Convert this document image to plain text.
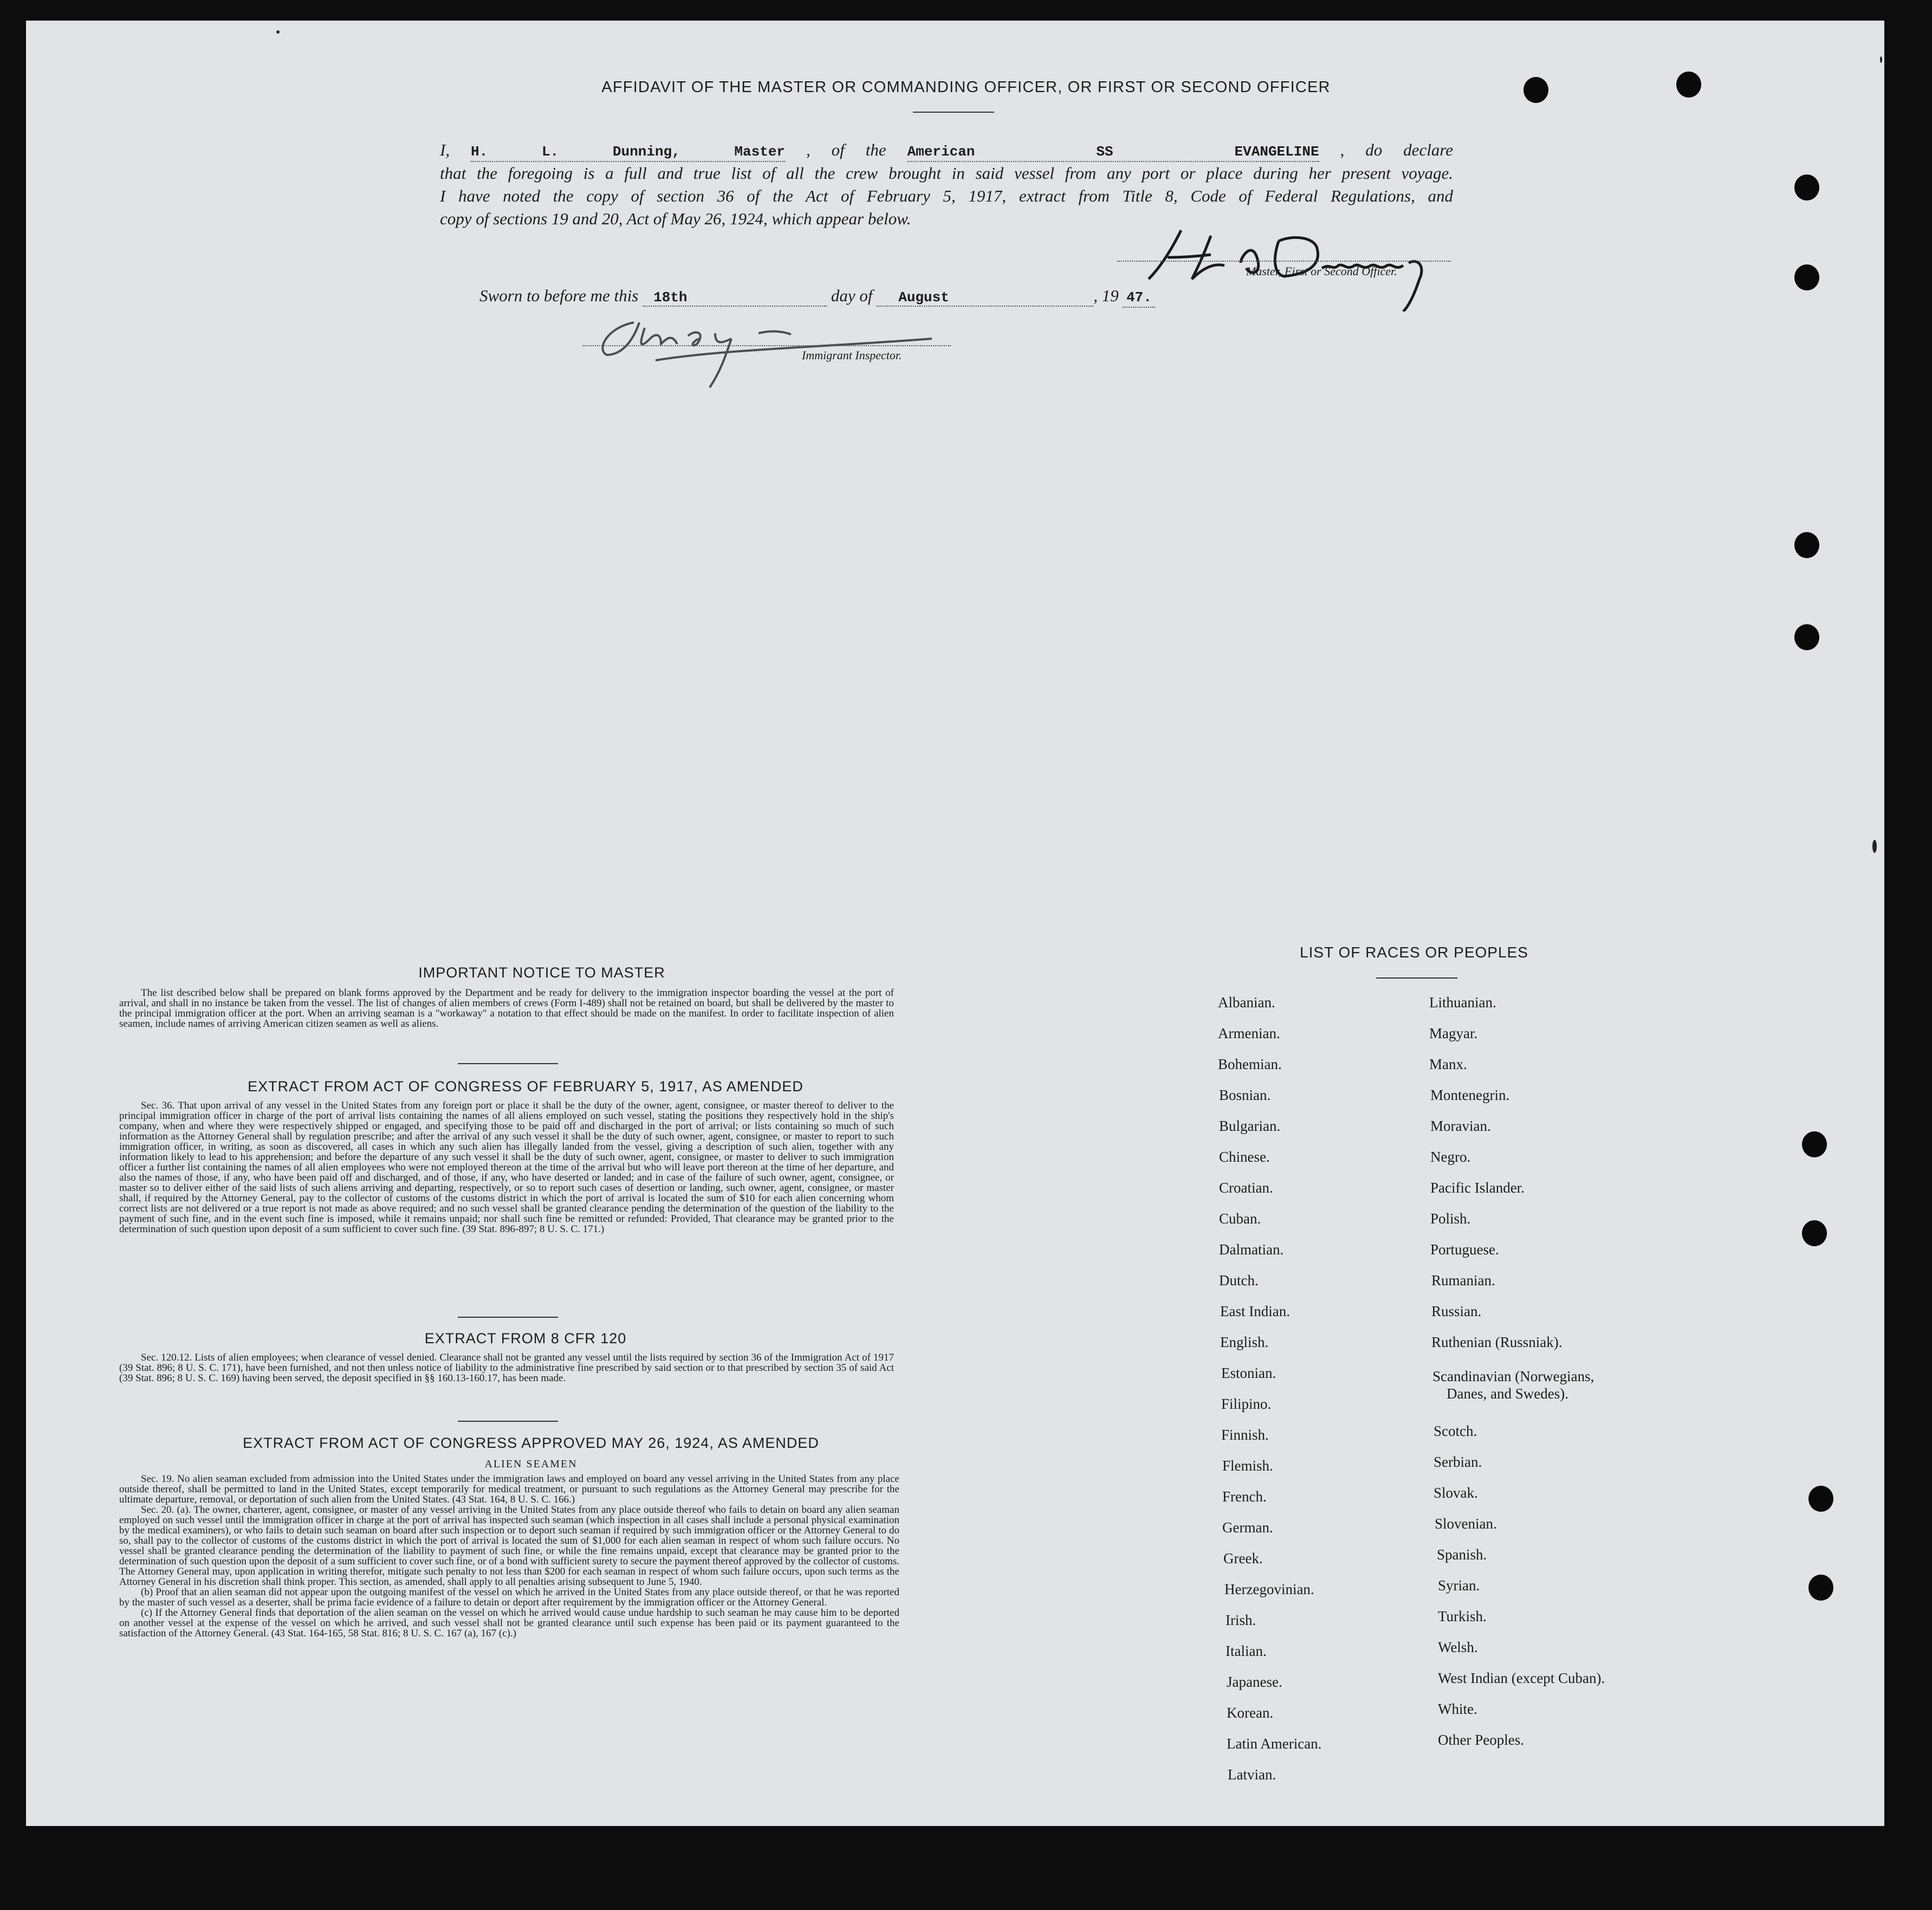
AFFIDAVIT OF THE MASTER OR COMMANDING OFFICER, OR FIRST OR SECOND OFFICER

I, H. L. Dunning, Master , of the American SS EVANGELINE , do declare

that the foregoing is a full and true list of all the crew brought in said vessel from any port or place during her present voyage.

I have noted the copy of section 36 of the Act of February 5, 1917, extract from Title 8, Code of Federal Regulations, and

copy of sections 19 and 20, Act of May 26, 1924, which appear below.

Master, First or Second Officer.
Sworn to before me this 18th	day of August	, 19 47.
Immigrant Inspector.

IMPORTANT NOTICE TO MASTER

The list described below shall be prepared on blank forms approved by the Department and be ready for delivery to the immigration inspector boarding the vessel at the port of arrival, and shall in no instance be taken from the vessel. The list of changes of alien members of crews (Form I-489) shall not be retained on board, but shall be delivered by the master to the principal immigration officer at the port. When an arriving seaman is a "workaway" a notation to that effect should be made on the manifest. In order to facilitate inspection of alien seamen, include names of arriving American citizen seamen as well as aliens.

EXTRACT FROM ACT OF CONGRESS OF FEBRUARY 5, 1917, AS AMENDED

Sec. 36. That upon arrival of any vessel in the United States from any foreign port or place it shall be the duty of the owner, agent, consignee, or master thereof to deliver to the principal immigration officer in charge of the port of arrival lists containing the names of all aliens employed on such vessel, stating the positions they respectively hold in the ship's company, when and where they were respectively shipped or engaged, and specifying those to be paid off and discharged in the port of arrival; or lists containing so much of such information as the Attorney General shall by regulation prescribe; and after the arrival of any such vessel it shall be the duty of such owner, agent, consignee, or master to report to such immigration officer, in writing, as soon as discovered, all cases in which any such alien has illegally landed from the vessel, giving a description of such alien, together with any information likely to lead to his apprehension; and before the departure of any such vessel it shall be the duty of such owner, agent, consignee, or master to deliver to such immigration officer a further list containing the names of all alien employees who were not employed thereon at the time of the arrival but who will leave port thereon at the time of her departure, and also the names of those, if any, who have been paid off and discharged, and of those, if any, who have deserted or landed; and in case of the failure of such owner, agent, consignee, or master so to deliver either of the said lists of such aliens arriving and departing, respectively, or so to report such cases of desertion or landing, such owner, agent, consignee, or master shall, if required by the Attorney General, pay to the collector of customs of the customs district in which the port of arrival is located the sum of $10 for each alien concerning whom correct lists are not delivered or a true report is not made as above required; and no such vessel shall be granted clearance pending the determination of the question of the liability to the payment of such fine, and in the event such fine is imposed, while it remains unpaid; nor shall such fine be remitted or refunded: Provided, That clearance may be granted prior to the determination of such question upon deposit of a sum sufficient to cover such fine. (39 Stat. 896-897; 8 U. S. C. 171.)

EXTRACT FROM 8 CFR 120

Sec. 120.12. Lists of alien employees; when clearance of vessel denied. Clearance shall not be granted any vessel until the lists required by section 36 of the Immigration Act of 1917 (39 Stat. 896; 8 U. S. C. 171), have been furnished, and not then unless notice of liability to the administrative fine prescribed by said section or to that prescribed by section 35 of said Act (39 Stat. 896; 8 U. S. C. 169) having been served, the deposit specified in §§ 160.13-160.17, has been made.

EXTRACT FROM ACT OF CONGRESS APPROVED MAY 26, 1924, AS AMENDED

ALIEN SEAMEN

Sec. 19. No alien seaman excluded from admission into the United States under the immigration laws and employed on board any vessel arriving in the United States from any place outside thereof, shall be permitted to land in the United States, except temporarily for medical treatment, or pursuant to such regulations as the Attorney General may prescribe for the ultimate departure, removal, or deportation of such alien from the United States. (43 Stat. 164, 8 U. S. C. 166.)

Sec. 20. (a). The owner, charterer, agent, consignee, or master of any vessel arriving in the United States from any place outside thereof who fails to detain on board any alien seaman employed on such vessel until the immigration officer in charge at the port of arrival has inspected such seaman (which inspection in all cases shall include a personal physical examination by the medical examiners), or who fails to detain such seaman on board after such inspection or to deport such seaman if required by such immigration officer or the Attorney General to do so, shall pay to the collector of customs of the customs district in which the port of arrival is located the sum of $1,000 for each alien seaman in respect of whom such failure occurs. No vessel shall be granted clearance pending the determination of the liability to payment of such fine, or while the fine remains unpaid, except that clearance may be granted prior to the determination of such question upon the deposit of a sum sufficient to cover such fine, or of a bond with sufficient surety to secure the payment thereof approved by the collector of customs. The Attorney General may, upon application in writing therefor, mitigate such penalty to not less than $200 for each seaman in respect of whom such failure occurs, upon such terms as the Attorney General in his discretion shall think proper. This section, as amended, shall apply to all penalties arising subsequent to June 5, 1940.

(b) Proof that an alien seaman did not appear upon the outgoing manifest of the vessel on which he arrived in the United States from any place outside thereof, or that he was reported by the master of such vessel as a deserter, shall be prima facie evidence of a failure to detain or deport after requirement by the immigration officer or the Attorney General.

(c) If the Attorney General finds that deportation of the alien seaman on the vessel on which he arrived would cause undue hardship to such seaman he may cause him to be deported on another vessel at the expense of the vessel on which he arrived, and such vessel shall not be granted clearance until such expense has been paid or its payment guaranteed to the satisfaction of the Attorney General. (43 Stat. 164-165, 58 Stat. 816; 8 U. S. C. 167 (a), 167 (c).)

LIST OF RACES OR PEOPLES
Albanian.
Armenian.
Bohemian.
Bosnian.
Bulgarian.
Chinese.
Croatian.
Cuban.
Dalmatian.
Dutch.
East Indian.
English.
Estonian.
Filipino.
Finnish.
Flemish.
French.
German.
Greek.
Herzegovinian.
Irish.
Italian.
Japanese.
Korean.
Latin American.
Latvian.
Lithuanian.
Magyar.
Manx.
Montenegrin.
Moravian.
Negro.
Pacific Islander.
Polish.
Portuguese.
Rumanian.
Russian.
Ruthenian (Russniak).
Scandinavian (Norwegians,
Danes, and Swedes).
Scotch.
Serbian.
Slovak.
Slovenian.
Spanish.
Syrian.
Turkish.
Welsh.
West Indian (except Cuban).
White.
Other Peoples.
